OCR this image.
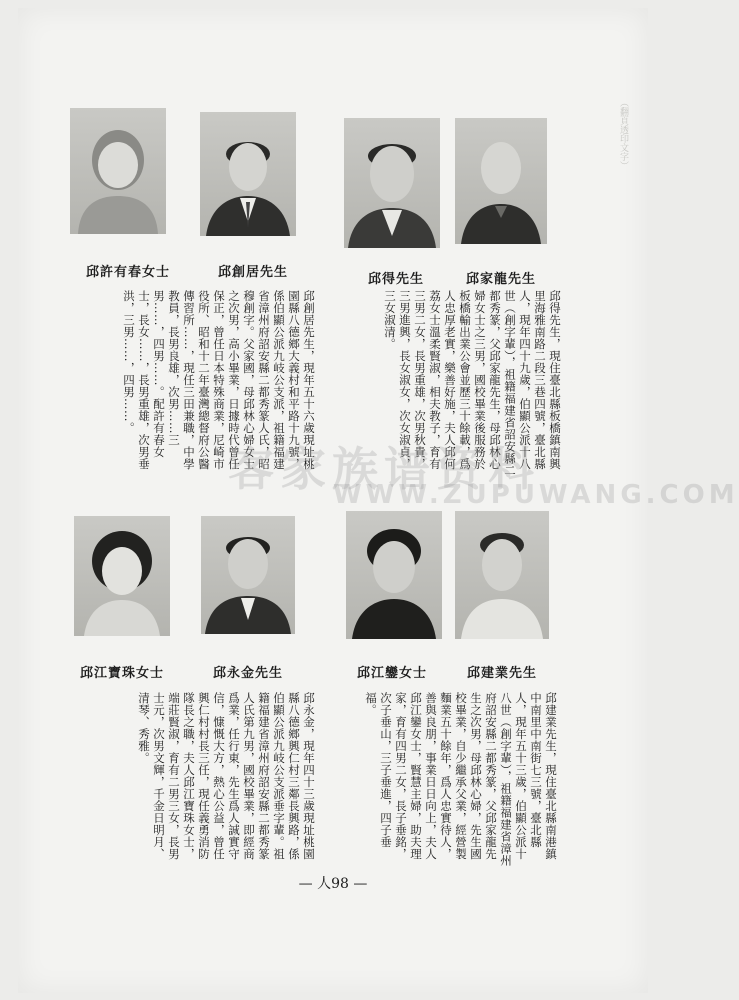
邱許有春女士	邱創居先生	邱家龍先生
邱得先生
邱創居先生，現年五十六歲現址桃園縣八德鄉大義村和平路十九號，係伯顯公派九岐公支派，祖籍福建省漳州府詔安縣二都秀篆人氏，昭穆創字。父家國，母邱林心婦女士之次男，高小畢業，日據時代曾任保正，曾任日本特殊商業，尼崎市役所、昭和十二年臺灣總督府公醫傳習所……，現任三田兼職，中學教員，長男良雄，次男……三男……，四男……。配許有春女士，長女……，長男重雄，次男垂洪，三男……，四男……。	邱得先生，現住臺北縣板橋鎮南興里海雅南路二段三巷四號，臺北縣人，現年四十九歲，伯顯公派十八世（創字輩），祖籍福建省詔安縣二都秀篆，父邱家龍先生，母邱林心婦女士之三男，國校畢業後服務於板橋輸出業公會並歷三十餘載，爲人忠厚老實，樂善好施，夫人邱何荔女士溫柔賢淑，相夫教子，育有三男二女，長男重雄，次男秋貴，三男進興，長女淑女，次女淑貞，三女淑清。
邱江寶珠女士	邱永金先生	邱建業先生
邱江鑾女士
邱永金，現年四十三歲現址桃園縣八德鄉興仁村三鄰長興路，係伯顯公派九岐公支派垂字輩。祖籍福建省漳州府詔安縣二都秀篆人氏第九男，國校畢業，即經商爲業，任行東，先生爲人誠實守信，慷慨大方，熱心公益，曾任興仁村村長三任，現任義勇消防隊長之職，夫人邱江寶珠女士，端莊賢淑，育有二男三女，長男士元，次男文輝，千金日明月、清琴、秀雅。	邱建業先生，現住臺北縣南港鎮中南里中南街七三號，臺北縣人，現年五十三歲，伯顯公派十八世（創字輩），祖籍福建省漳州府詔安縣二都秀篆，父邱家龍先生之次男，母邱林心婦，先生國校畢業，自少繼承父業，經營製麵業五十餘年，爲人忠實待人，善與良朋，事業日日向上，夫人邱江鑾女士，賢慧主婦，助夫理家，育有四男二女，長子垂銘，次子垂山，三子垂進，四子垂福。
客家族谱资料
WWW.ZUPUWANG.COM
（翻頁透印文字）
— 人98 —
